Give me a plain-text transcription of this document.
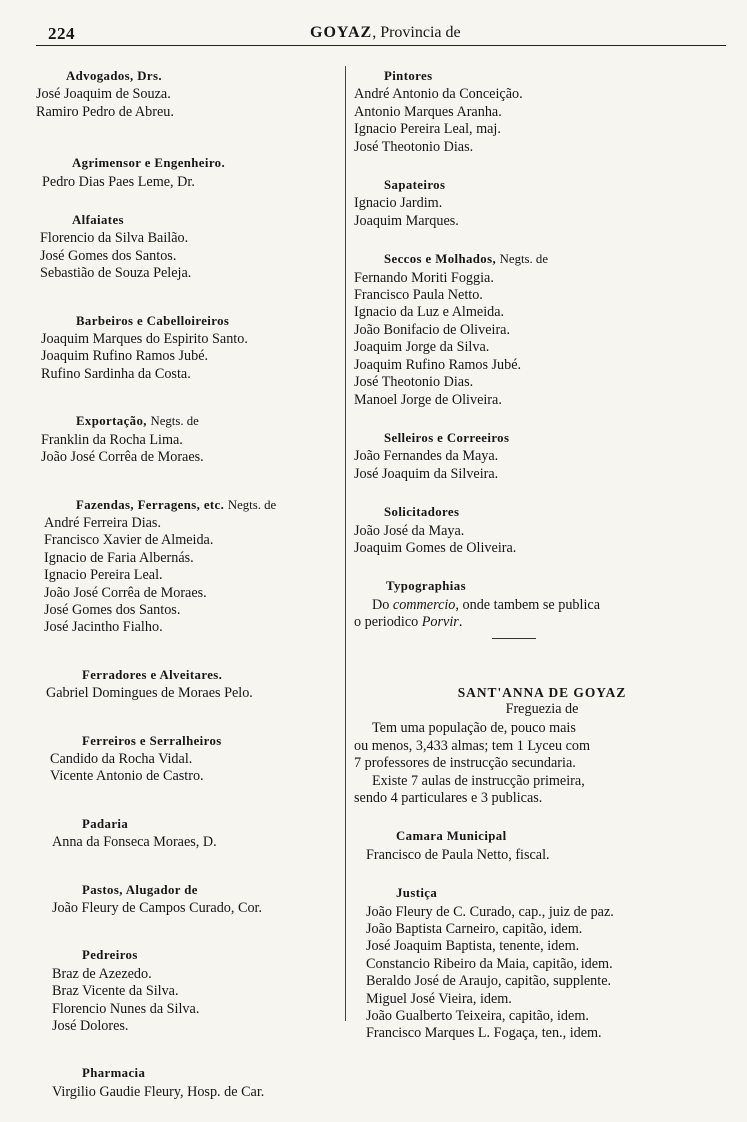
224	GOYAZ, Provincia de
Advogados, Drs.
José Joaquim de Souza.
Ramiro Pedro de Abreu.
Agrimensor e Engenheiro.
Pedro Dias Paes Leme, Dr.
Alfaiates
Florencio da Silva Bailão.
José Gomes dos Santos.
Sebastião de Souza Peleja.
Barbeiros e Cabelloireiros
Joaquim Marques do Espirito Santo.
Joaquim Rufino Ramos Jubé.
Rufino Sardinha da Costa.
Exportação, Negts. de
Franklin da Rocha Lima.
João José Corrêa de Moraes.
Fazendas, Ferragens, etc. Negts. de
André Ferreira Dias.
Francisco Xavier de Almeida.
Ignacio de Faria Albernás.
Ignacio Pereira Leal.
João José Corrêa de Moraes.
José Gomes dos Santos.
José Jacintho Fialho.
Ferradores e Alveitares.
Gabriel Domingues de Moraes Pelo.
Ferreiros e Serralheiros
Candido da Rocha Vidal.
Vicente Antonio de Castro.
Padaria
Anna da Fonseca Moraes, D.
Pastos, Alugador de
João Fleury de Campos Curado, Cor.
Pedreiros
Braz de Azezedo.
Braz Vicente da Silva.
Florencio Nunes da Silva.
José Dolores.
Pharmacia
Virgilio Gaudie Fleury, Hosp. de Car.
Pintores
André Antonio da Conceição.
Antonio Marques Aranha.
Ignacio Pereira Leal, maj.
José Theotonio Dias.
Sapateiros
Ignacio Jardim.
Joaquim Marques.
Seccos e Molhados, Negts. de
Fernando Moriti Foggia.
Francisco Paula Netto.
Ignacio da Luz e Almeida.
João Bonifacio de Oliveira.
Joaquim Jorge da Silva.
Joaquim Rufino Ramos Jubé.
José Theotonio Dias.
Manoel Jorge de Oliveira.
Selleiros e Correeiros
João Fernandes da Maya.
José Joaquim da Silveira.
Solicitadores
João José da Maya.
Joaquim Gomes de Oliveira.
Typographias
Do commercio, onde tambem se publica
o periodico Porvir.
SANT'ANNA DE GOYAZ
Freguezia de
Tem uma população de, pouco mais
ou menos, 3,433 almas; tem 1 Lyceu com
7 professores de instrucção secundaria.
Existe 7 aulas de instrucção primeira,
sendo 4 particulares e 3 publicas.
Camara Municipal
Francisco de Paula Netto, fiscal.
Justiça
João Fleury de C. Curado, cap., juiz de paz.
João Baptista Carneiro, capitão, idem.
José Joaquim Baptista, tenente, idem.
Constancio Ribeiro da Maia, capitão, idem.
Beraldo José de Araujo, capitão, supplente.
Miguel José Vieira, idem.
João Gualberto Teixeira, capitão, idem.
Francisco Marques L. Fogaça, ten., idem.
